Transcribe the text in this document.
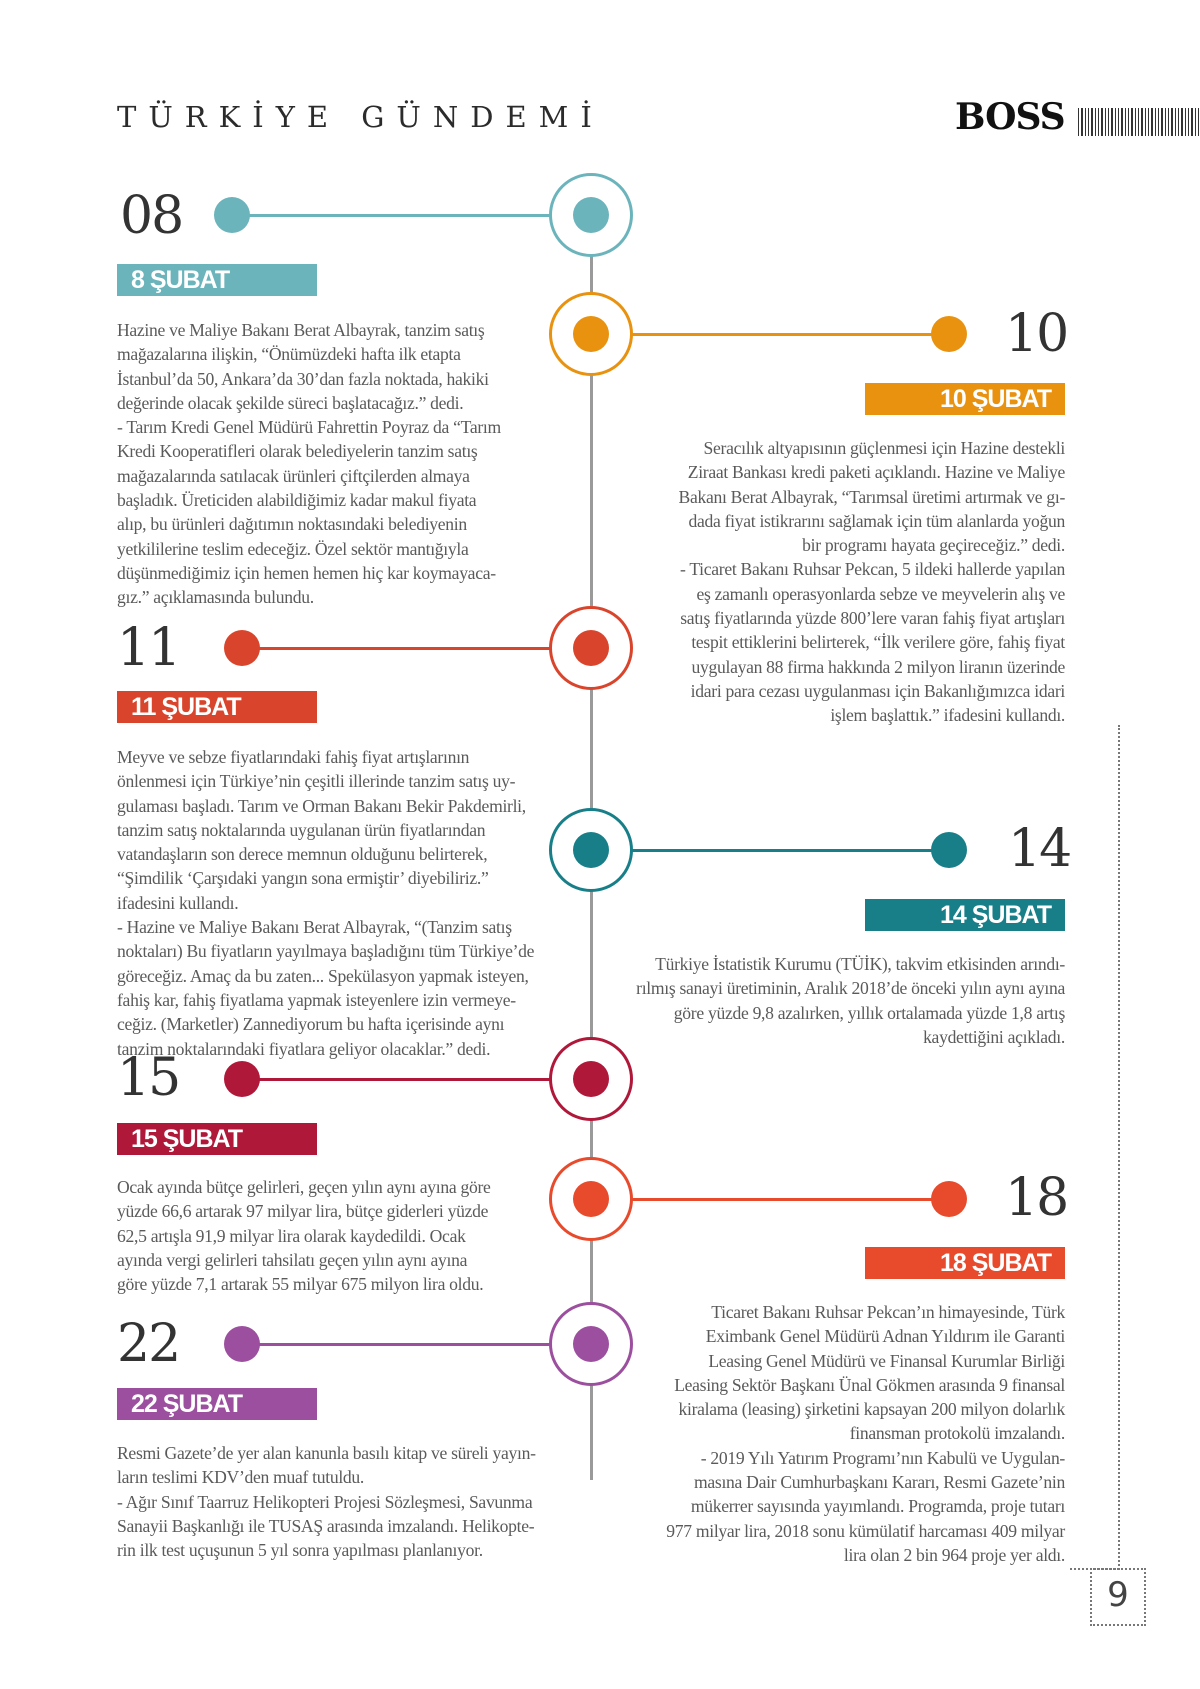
TÜRKİYE GÜNDEMİ	BOSS
08
8 ŞUBAT
Hazine ve Maliye Bakanı Berat Albayrak, tanzim satış
mağazalarına ilişkin, “Önümüzdeki hafta ilk etapta
İstanbul’da 50, Ankara’da 30’dan fazla noktada, hakiki
değerinde olacak şekilde süreci başlatacağız.” dedi.
- Tarım Kredi Genel Müdürü Fahrettin Poyraz da “Tarım
Kredi Kooperatifleri olarak belediyelerin tanzim satış
mağazalarında satılacak ürünleri çiftçilerden almaya
başladık. Üreticiden alabildiğimiz kadar makul fiyata
alıp, bu ürünleri dağıtımın noktasındaki belediyenin
yetkililerine teslim edeceğiz. Özel sektör mantığıyla
düşünmediğimiz için hemen hemen hiç kar koymayaca-
gız.” açıklamasında bulundu.
10
10 ŞUBAT
Seracılık altyapısının güçlenmesi için Hazine destekli
Ziraat Bankası kredi paketi açıklandı. Hazine ve Maliye
Bakanı Berat Albayrak, “Tarımsal üretimi artırmak ve gı-
dada fiyat istikrarını sağlamak için tüm alanlarda yoğun
bir programı hayata geçireceğiz.” dedi.
- Ticaret Bakanı Ruhsar Pekcan, 5 ildeki hallerde yapılan
eş zamanlı operasyonlarda sebze ve meyvelerin alış ve
satış fiyatlarında yüzde 800’lere varan fahiş fiyat artışları
tespit ettiklerini belirterek, “İlk verilere göre, fahiş fiyat
uygulayan 88 firma hakkında 2 milyon liranın üzerinde
idari para cezası uygulanması için Bakanlığımızca idari
işlem başlattık.” ifadesini kullandı.
11
11 ŞUBAT
Meyve ve sebze fiyatlarındaki fahiş fiyat artışlarının
önlenmesi için Türkiye’nin çeşitli illerinde tanzim satış uy-
gulaması başladı. Tarım ve Orman Bakanı Bekir Pakdemirli,
tanzim satış noktalarında uygulanan ürün fiyatlarından
vatandaşların son derece memnun olduğunu belirterek,
“Şimdilik ‘Çarşıdaki yangın sona ermiştir’ diyebiliriz.”
ifadesini kullandı.
- Hazine ve Maliye Bakanı Berat Albayrak, “(Tanzim satış
noktaları) Bu fiyatların yayılmaya başladığını tüm Türkiye’de
göreceğiz. Amaç da bu zaten... Spekülasyon yapmak isteyen,
fahiş kar, fahiş fiyatlama yapmak isteyenlere izin vermeye-
ceğiz. (Marketler) Zannediyorum bu hafta içerisinde aynı
tanzim noktalarındaki fiyatlara geliyor olacaklar.” dedi.
14
14 ŞUBAT
Türkiye İstatistik Kurumu (TÜİK), takvim etkisinden arındı-
rılmış sanayi üretiminin, Aralık 2018’de önceki yılın aynı ayına
göre yüzde 9,8 azalırken, yıllık ortalamada yüzde 1,8 artış
kaydettiğini açıkladı.
15
15 ŞUBAT
Ocak ayında bütçe gelirleri, geçen yılın aynı ayına göre
yüzde 66,6 artarak 97 milyar lira, bütçe giderleri yüzde
62,5 artışla 91,9 milyar lira olarak kaydedildi. Ocak
ayında vergi gelirleri tahsilatı geçen yılın aynı ayına
göre yüzde 7,1 artarak 55 milyar 675 milyon lira oldu.
18
18 ŞUBAT
Ticaret Bakanı Ruhsar Pekcan’ın himayesinde, Türk
Eximbank Genel Müdürü Adnan Yıldırım ile Garanti
Leasing Genel Müdürü ve Finansal Kurumlar Birliği
Leasing Sektör Başkanı Ünal Gökmen arasında 9 finansal
kiralama (leasing) şirketini kapsayan 200 milyon dolarlık
finansman protokolü imzalandı.
- 2019 Yılı Yatırım Programı’nın Kabulü ve Uygulan-
masına Dair Cumhurbaşkanı Kararı, Resmi Gazete’nin
mükerrer sayısında yayımlandı. Programda, proje tutarı
977 milyar lira, 2018 sonu kümülatif harcaması 409 milyar
lira olan 2 bin 964 proje yer aldı.
22
22 ŞUBAT
Resmi Gazete’de yer alan kanunla basılı kitap ve süreli yayın-
ların teslimi KDV’den muaf tutuldu.
- Ağır Sınıf Taarruz Helikopteri Projesi Sözleşmesi, Savunma
Sanayii Başkanlığı ile TUSAŞ arasında imzalandı. Helikopte-
rin ilk test uçuşunun 5 yıl sonra yapılması planlanıyor.
9
